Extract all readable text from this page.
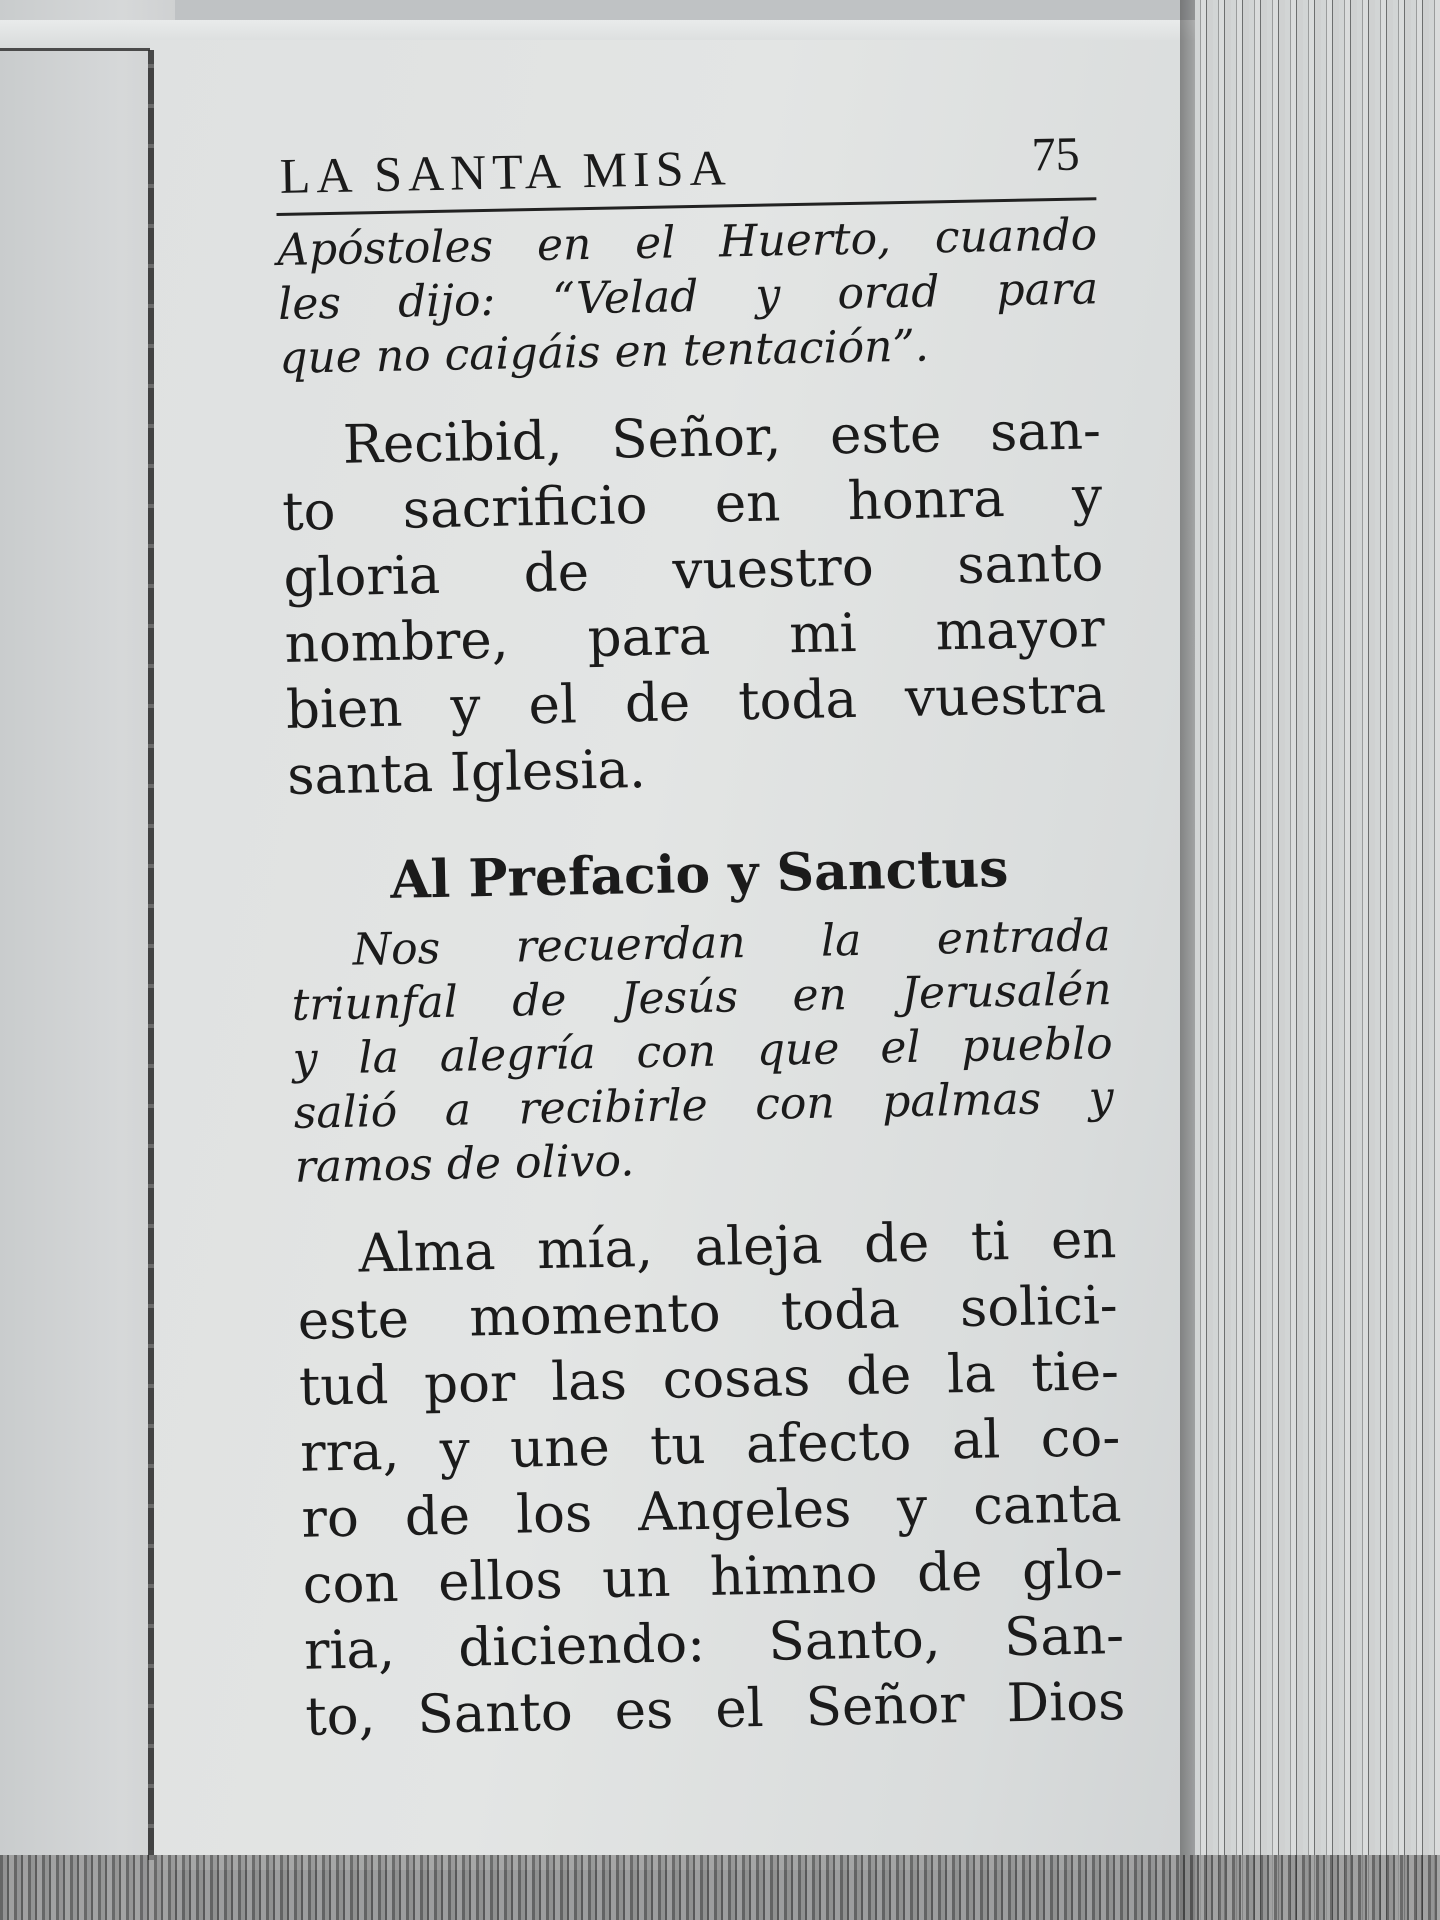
LA SANTA MISA	75
Apóstoles en el Huerto, cuando
les dijo: “Velad y orad para
que no caigáis en tentación”.
Recibid, Señor, este san-
to sacrificio en honra y
gloria de vuestro santo
nombre, para mi mayor
bien y el de toda vuestra
santa Iglesia.
Al Prefacio y Sanctus
Nos recuerdan la entrada
triunfal de Jesús en Jerusalén
y la alegría con que el pueblo
salió a recibirle con palmas y
ramos de olivo.
Alma mía, aleja de ti en
este momento toda solici-
tud por las cosas de la tie-
rra, y une tu afecto al co-
ro de los Angeles y canta
con ellos un himno de glo-
ria, diciendo: Santo, San-
to, Santo es el Señor Dios
